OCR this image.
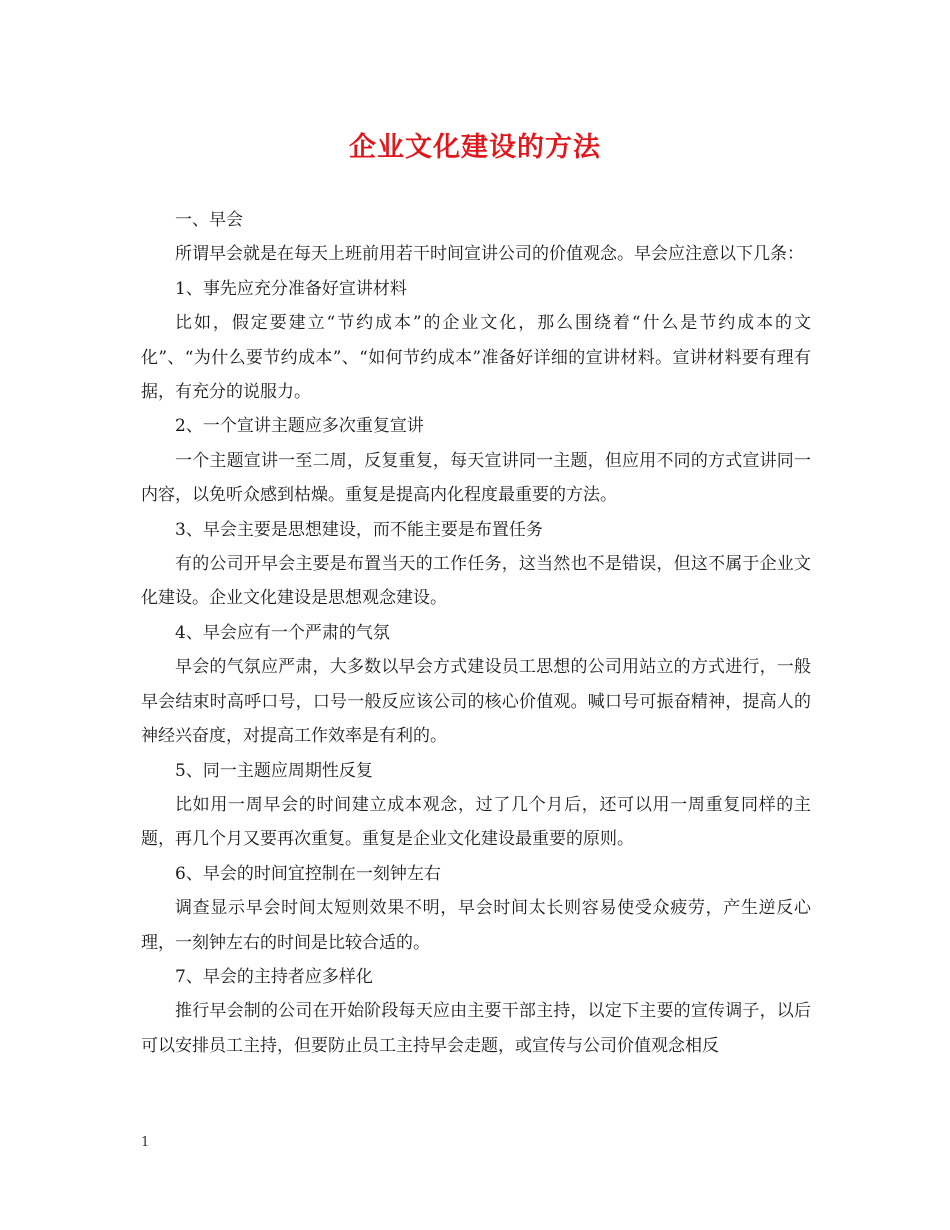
企业文化建设的方法

一、早会

所谓早会就是在每天上班前用若干时间宣讲公司的价值观念。早会应注意以下几条：

1、事先应充分准备好宣讲材料

比如，假定要建立“节约成本”的企业文化，那么围绕着“什么是节约成本的文化”、“为什么要节约成本”、“如何节约成本”准备好详细的宣讲材料。宣讲材料要有理有据，有充分的说服力。

2、一个宣讲主题应多次重复宣讲

一个主题宣讲一至二周，反复重复，每天宣讲同一主题，但应用不同的方式宣讲同一内容，以免听众感到枯燥。重复是提高内化程度最重要的方法。

3、早会主要是思想建设，而不能主要是布置任务

有的公司开早会主要是布置当天的工作任务，这当然也不是错误，但这不属于企业文化建设。企业文化建设是思想观念建设。

4、早会应有一个严肃的气氛

早会的气氛应严肃，大多数以早会方式建设员工思想的公司用站立的方式进行，一般早会结束时高呼口号，口号一般反应该公司的核心价值观。喊口号可振奋精神，提高人的神经兴奋度，对提高工作效率是有利的。

5、同一主题应周期性反复

比如用一周早会的时间建立成本观念，过了几个月后，还可以用一周重复同样的主题，再几个月又要再次重复。重复是企业文化建设最重要的原则。

6、早会的时间宜控制在一刻钟左右

调查显示早会时间太短则效果不明，早会时间太长则容易使受众疲劳，产生逆反心理，一刻钟左右的时间是比较合适的。

7、早会的主持者应多样化

推行早会制的公司在开始阶段每天应由主要干部主持，以定下主要的宣传调子，以后可以安排员工主持，但要防止员工主持早会走题，或宣传与公司价值观念相反

1
